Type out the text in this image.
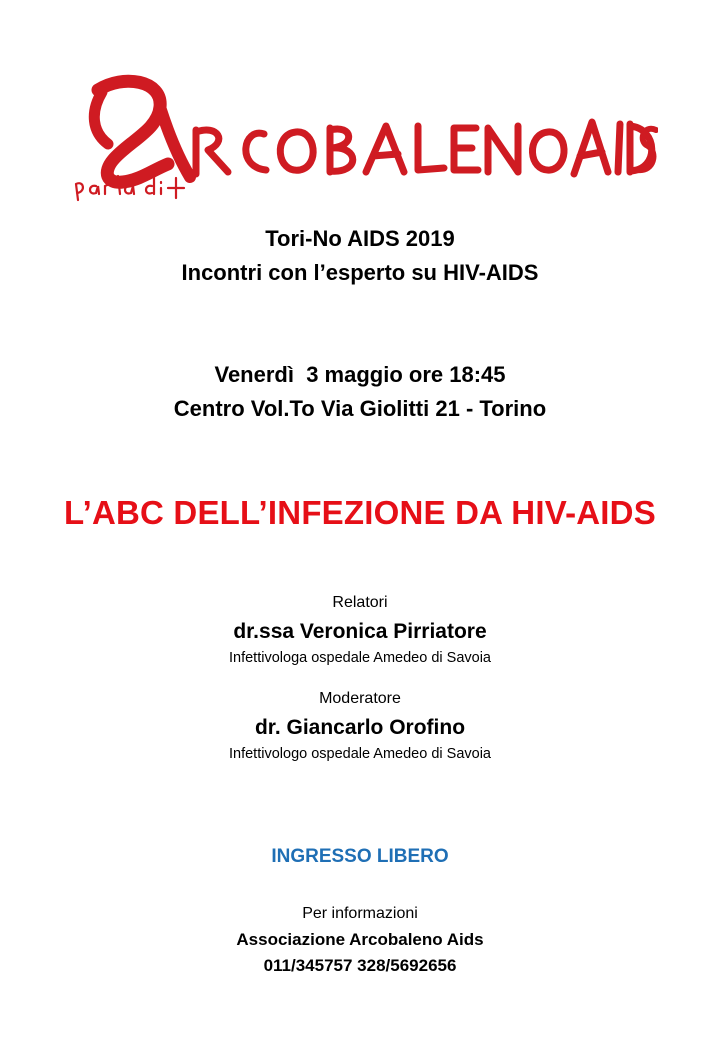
Tori-No AIDS 2019
Incontri con l’esperto su HIV-AIDS
Venerdì  3 maggio ore 18:45
Centro Vol.To Via Giolitti 21 - Torino
L’ABC DELL’INFEZIONE DA HIV-AIDS
Relatori
dr.ssa Veronica Pirriatore
Infettivologa ospedale Amedeo di Savoia
Moderatore
dr. Giancarlo Orofino
Infettivologo ospedale Amedeo di Savoia
INGRESSO LIBERO
Per informazioni
Associazione Arcobaleno Aids
011/345757 328/5692656
